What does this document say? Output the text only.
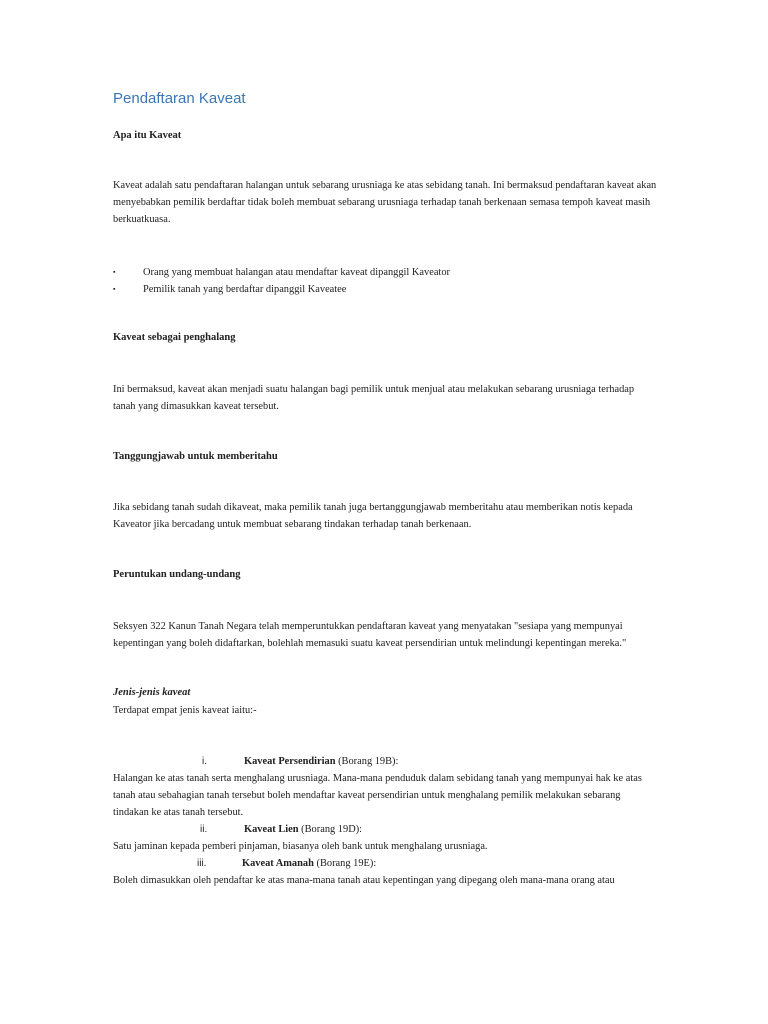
Pendaftaran Kaveat
Apa itu Kaveat

Kaveat adalah satu pendaftaran halangan untuk sebarang urusniaga ke atas sebidang tanah. Ini bermaksud pendaftaran kaveat akan menyebabkan pemilik berdaftar tidak boleh membuat sebarang urusniaga terhadap tanah berkenaan semasa tempoh kaveat masih berkuatkuasa.

▪	Orang yang membuat halangan atau mendaftar kaveat dipanggil Kaveator
▪	Pemilik tanah yang berdaftar dipanggil Kaveatee
Kaveat sebagai penghalang

Ini bermaksud, kaveat akan menjadi suatu halangan bagi pemilik untuk menjual atau melakukan sebarang urusniaga terhadap tanah yang dimasukkan kaveat tersebut.

Tanggungjawab untuk memberitahu

Jika sebidang tanah sudah dikaveat, maka pemilik tanah juga bertanggungjawab memberitahu atau memberikan notis kepada Kaveator jika bercadang untuk membuat sebarang tindakan terhadap tanah berkenaan.

Peruntukan undang-undang

Seksyen 322 Kanun Tanah Negara telah memperuntukkan pendaftaran kaveat yang menyatakan "sesiapa yang mempunyai kepentingan yang boleh didaftarkan, bolehlah memasuki suatu kaveat persendirian untuk melindungi kepentingan mereka."

Jenis-jenis kaveat

Terdapat empat jenis kaveat iaitu:-

i.	Kaveat Persendirian (Borang 19B):

Halangan ke atas tanah serta menghalang urusniaga. Mana-mana penduduk dalam sebidang tanah yang mempunyai hak ke atas tanah atau sebahagian tanah tersebut boleh mendaftar kaveat persendirian untuk menghalang pemilik melakukan sebarang tindakan ke atas tanah tersebut.

ii.	Kaveat Lien (Borang 19D):

Satu jaminan kepada pemberi pinjaman, biasanya oleh bank untuk menghalang urusniaga.

iii.	Kaveat Amanah (Borang 19E):

Boleh dimasukkan oleh pendaftar ke atas mana-mana tanah atau kepentingan yang dipegang oleh mana-mana orang atau
